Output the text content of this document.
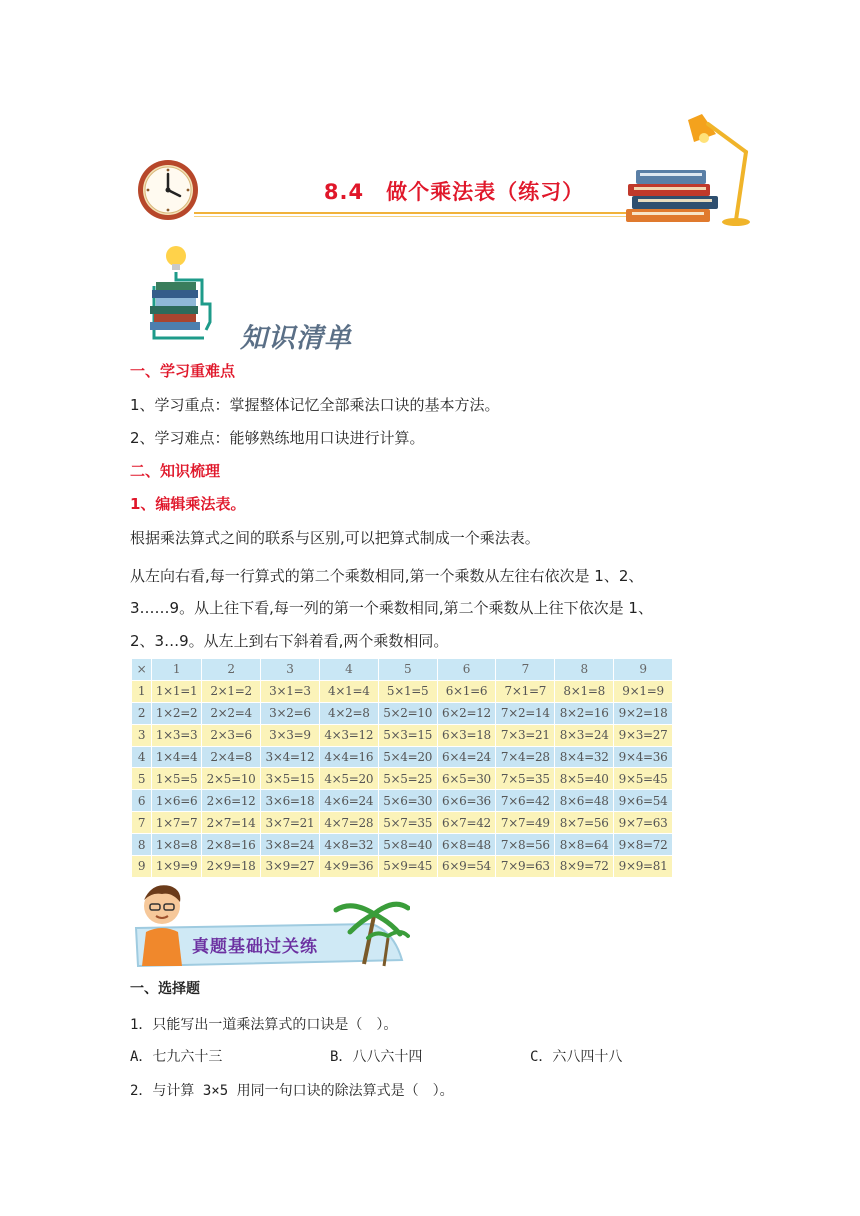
8.4　做个乘法表（练习）
知识清单
一、学习重难点
1、学习重点：掌握整体记忆全部乘法口诀的基本方法。
2、学习难点：能够熟练地用口诀进行计算。
二、知识梳理
1、编辑乘法表。
根据乘法算式之间的联系与区别,可以把算式制成一个乘法表。
从左向右看,每一行算式的第二个乘数相同,第一个乘数从左往右依次是 1、2、
3……9。从上往下看,每一列的第一个乘数相同,第二个乘数从上往下依次是 1、
2、3…9。从左上到右下斜着看,两个乘数相同。
×	1	2	3	4	5	6	7	8	9
1	1×1=1	2×1=2	3×1=3	4×1=4	5×1=5	6×1=6	7×1=7	8×1=8	9×1=9
2	1×2=2	2×2=4	3×2=6	4×2=8	5×2=10	6×2=12	7×2=14	8×2=16	9×2=18
3	1×3=3	2×3=6	3×3=9	4×3=12	5×3=15	6×3=18	7×3=21	8×3=24	9×3=27
4	1×4=4	2×4=8	3×4=12	4×4=16	5×4=20	6×4=24	7×4=28	8×4=32	9×4=36
5	1×5=5	2×5=10	3×5=15	4×5=20	5×5=25	6×5=30	7×5=35	8×5=40	9×5=45
6	1×6=6	2×6=12	3×6=18	4×6=24	5×6=30	6×6=36	7×6=42	8×6=48	9×6=54
7	1×7=7	2×7=14	3×7=21	4×7=28	5×7=35	6×7=42	7×7=49	8×7=56	9×7=63
8	1×8=8	2×8=16	3×8=24	4×8=32	5×8=40	6×8=48	7×8=56	8×8=64	9×8=72
9	1×9=9	2×9=18	3×9=27	4×9=36	5×9=45	6×9=54	7×9=63	8×9=72	9×9=81
真题基础过关练
一、选择题
1．只能写出一道乘法算式的口诀是（　）。
A．七九六十三	B．八八六十四	C．六八四十八
2．与计算 3×5 用同一句口诀的除法算式是（　）。
